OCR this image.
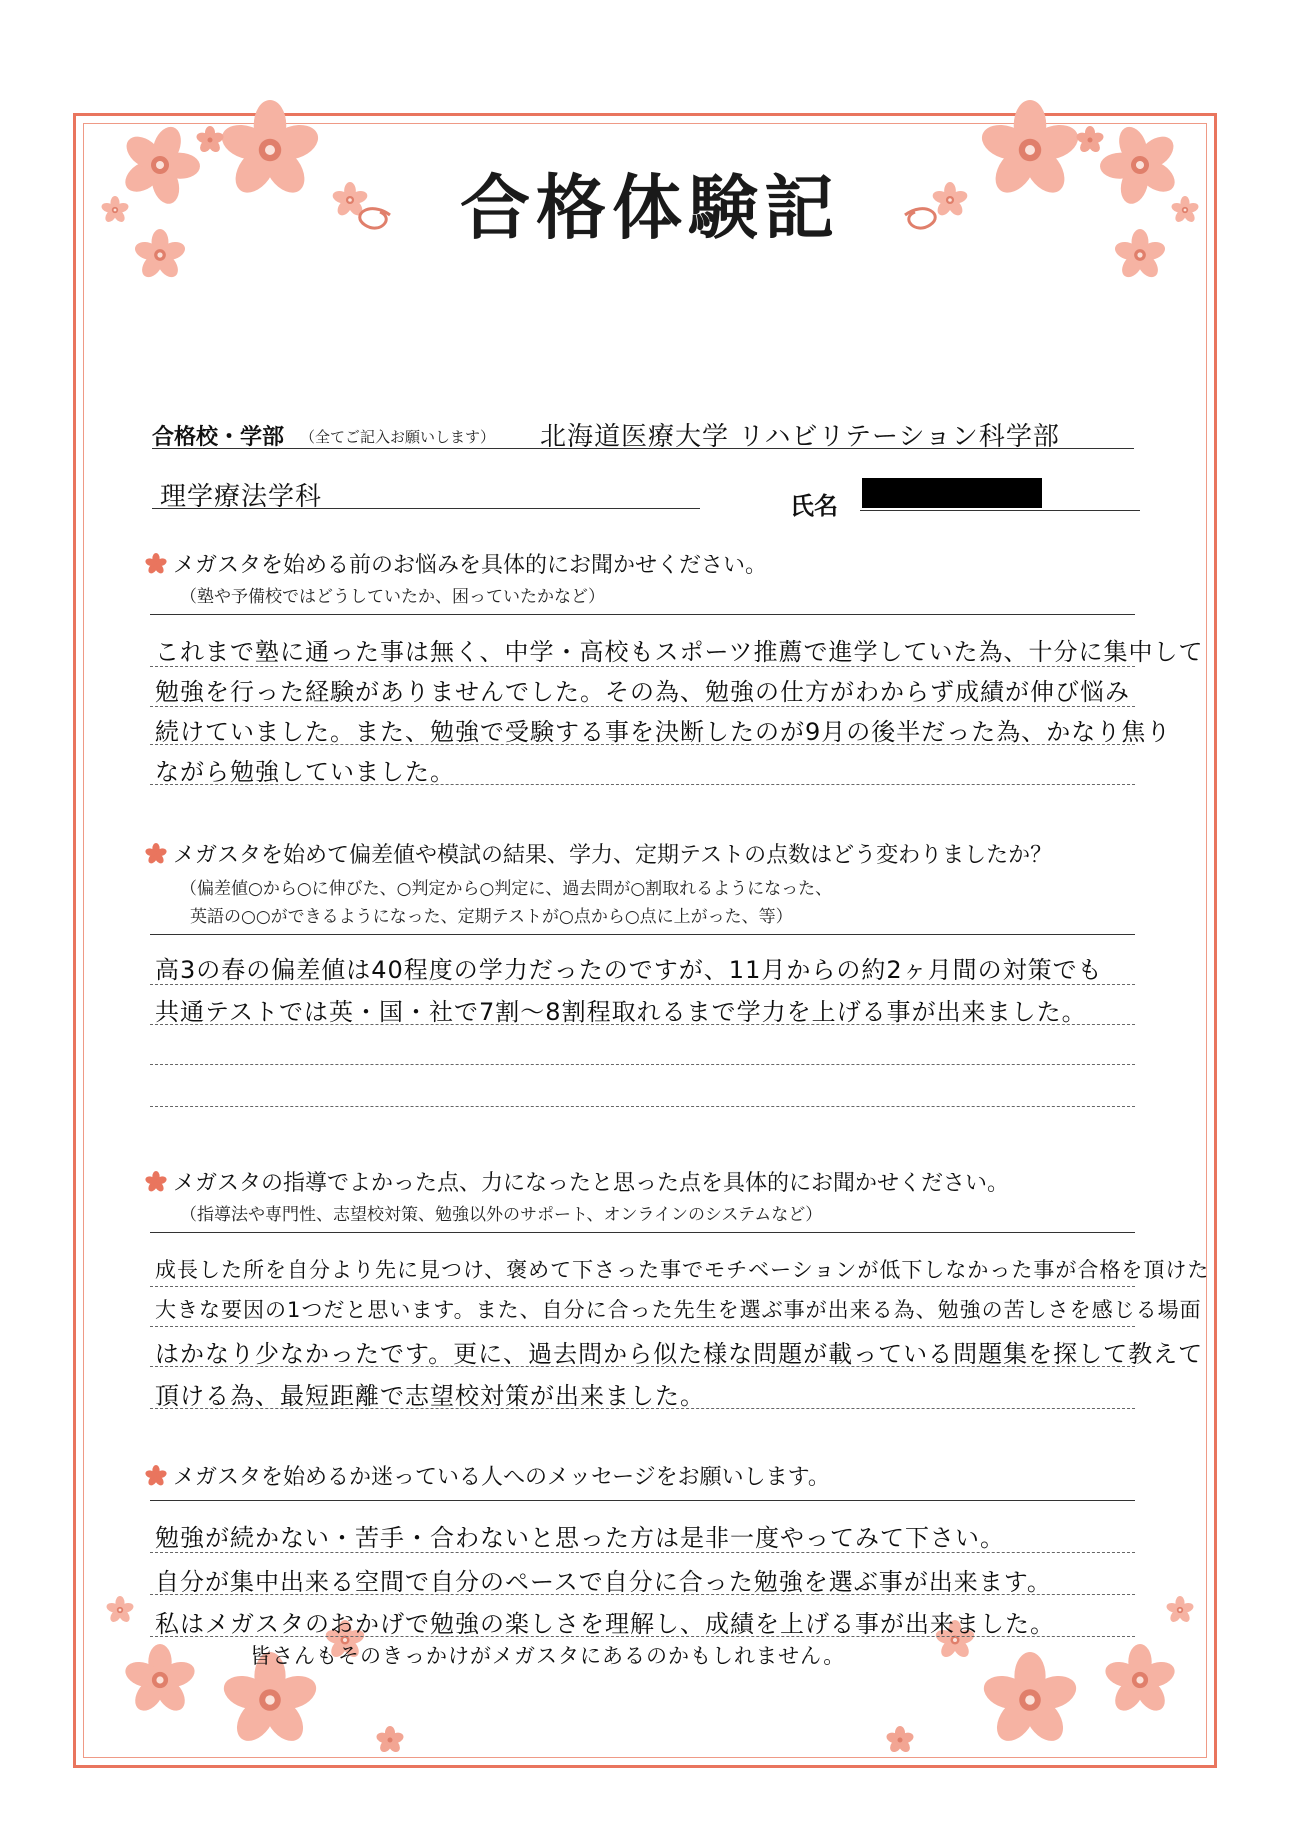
合格体験記
合格校・学部 （全てご記入お願いします） 北海道医療大学 リハビリテーション科学部
理学療法学科	氏名
メガスタを始める前のお悩みを具体的にお聞かせください。
（塾や予備校ではどうしていたか、困っていたかなど）
これまで塾に通った事は無く、中学・高校もスポーツ推薦で進学していた為、十分に集中して
勉強を行った経験がありませんでした。その為、勉強の仕方がわからず成績が伸び悩み
続けていました。また、勉強で受験する事を決断したのが9月の後半だった為、かなり焦り
ながら勉強していました。
メガスタを始めて偏差値や模試の結果、学力、定期テストの点数はどう変わりましたか？
（偏差値○から○に伸びた、○判定から○判定に、過去問が○割取れるようになった、
英語の○○ができるようになった、定期テストが○点から○点に上がった、等）
高3の春の偏差値は40程度の学力だったのですが、11月からの約2ヶ月間の対策でも
共通テストでは英・国・社で7割〜8割程取れるまで学力を上げる事が出来ました。
メガスタの指導でよかった点、力になったと思った点を具体的にお聞かせください。
（指導法や専門性、志望校対策、勉強以外のサポート、オンラインのシステムなど）
成長した所を自分より先に見つけ、褒めて下さった事でモチベーションが低下しなかった事が合格を頂けた
大きな要因の1つだと思います。また、自分に合った先生を選ぶ事が出来る為、勉強の苦しさを感じる場面
はかなり少なかったです。更に、過去問から似た様な問題が載っている問題集を探して教えて
頂ける為、最短距離で志望校対策が出来ました。
メガスタを始めるか迷っている人へのメッセージをお願いします。
勉強が続かない・苦手・合わないと思った方は是非一度やってみて下さい。
自分が集中出来る空間で自分のペースで自分に合った勉強を選ぶ事が出来ます。
私はメガスタのおかげで勉強の楽しさを理解し、成績を上げる事が出来ました。
皆さんもそのきっかけがメガスタにあるのかもしれません。
